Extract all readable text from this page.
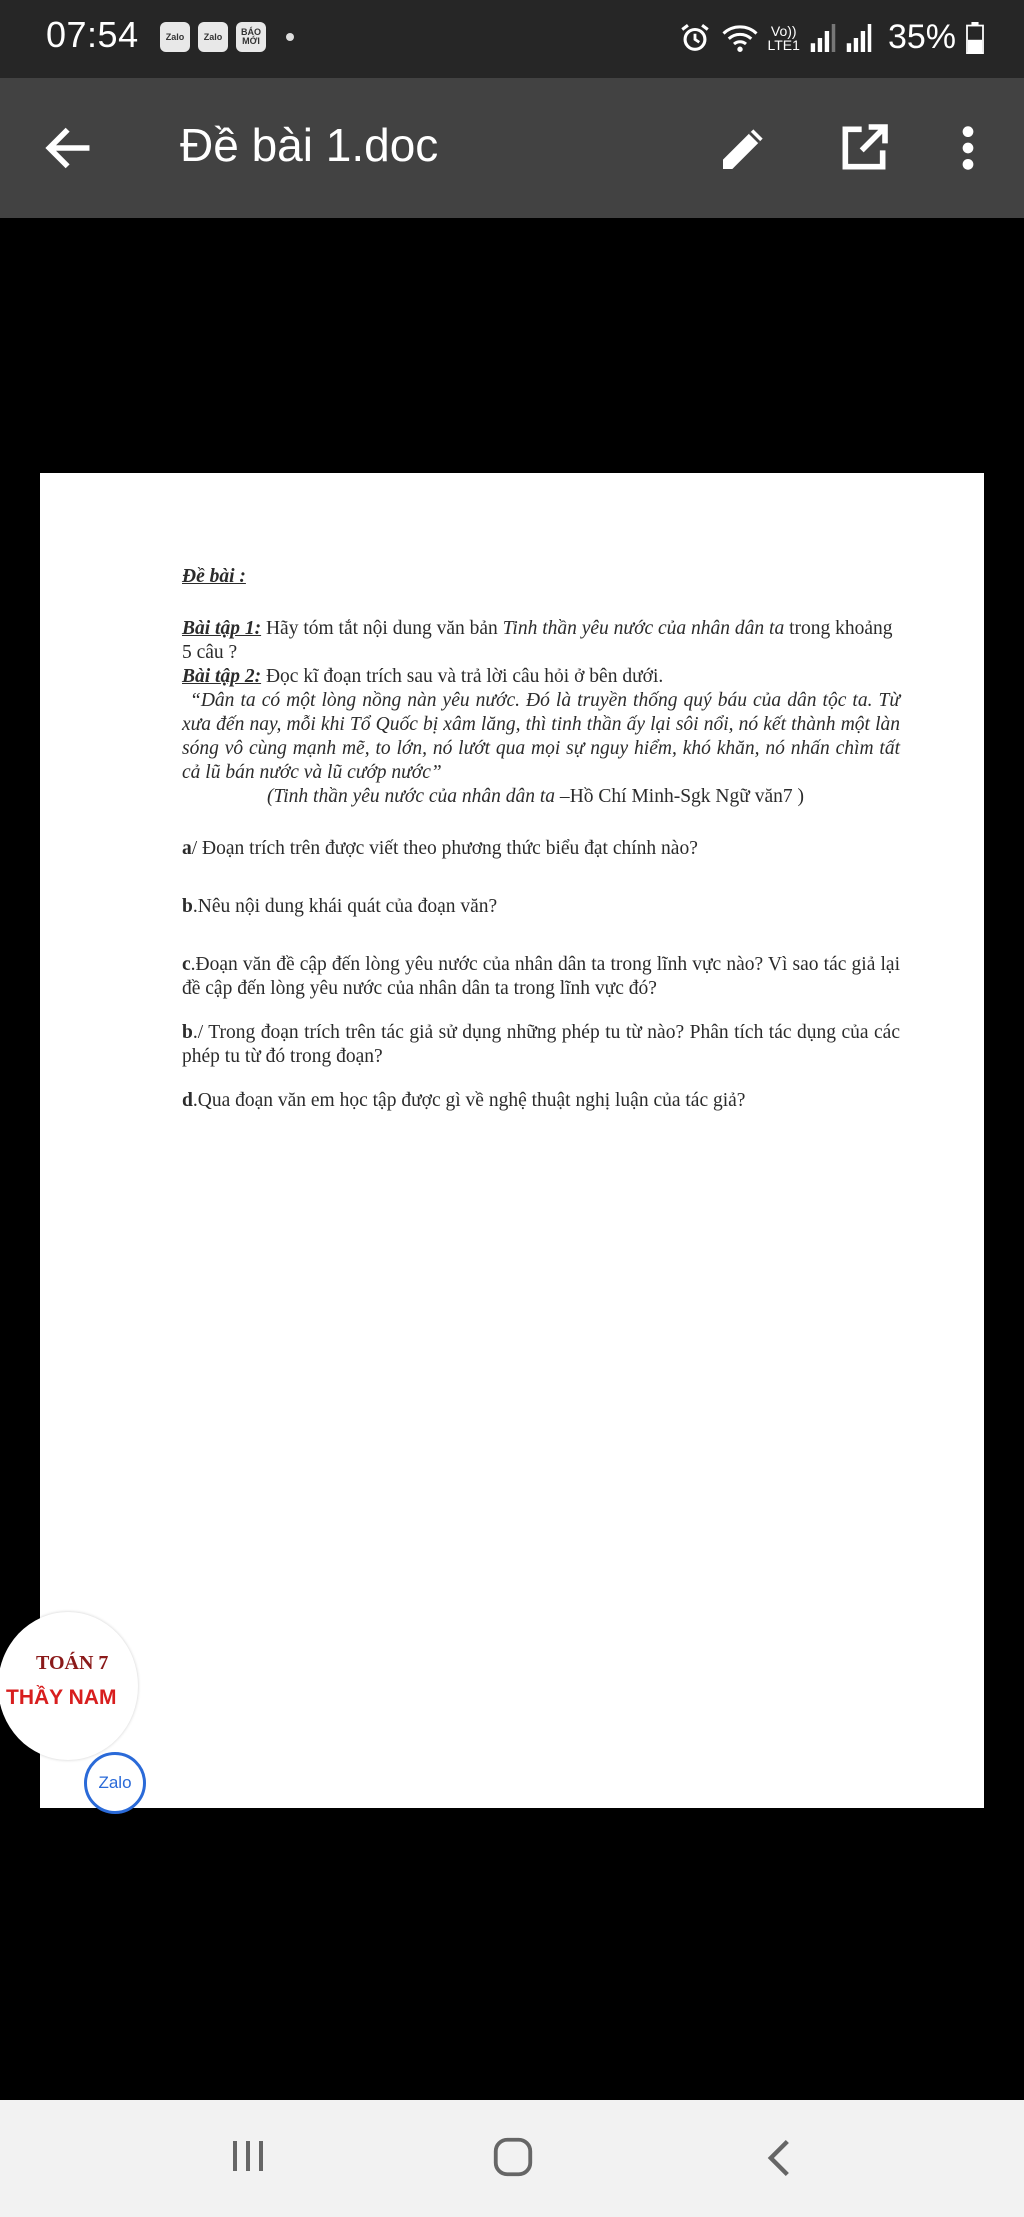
07:54	Zalo	Zalo	BÁO MỚI
Vo))
LTE1	35%
Đề bài 1.doc

Đề bài :

Bài tập 1: Hãy tóm tắt nội dung văn bản Tinh thần yêu nước của nhân dân ta trong khoảng 5 câu ?

Bài tập 2: Đọc kĩ đoạn trích sau và trả lời câu hỏi ở bên dưới.

“Dân ta có một lòng nồng nàn yêu nước. Đó là truyền thống quý báu của dân tộc ta. Từ xưa đến nay, mỗi khi Tổ Quốc bị xâm lăng, thì tinh thần ấy lại sôi nổi, nó kết thành một làn sóng vô cùng mạnh mẽ, to lớn, nó lướt qua mọi sự nguy hiểm, khó khăn, nó nhấn chìm tất cả lũ bán nước và lũ cướp nước”

(Tinh thần yêu nước của nhân dân ta –Hồ Chí Minh-Sgk Ngữ văn7 )

a/ Đoạn trích trên được viết theo phương thức biểu đạt chính nào?

b.Nêu nội dung khái quát của đoạn văn?

c.Đoạn văn đề cập đến lòng yêu nước của nhân dân ta trong lĩnh vực nào? Vì sao tác giả lại đề cập đến lòng yêu nước của nhân dân ta trong lĩnh vực đó?

b./ Trong đoạn trích trên tác giả sử dụng những phép tu từ nào? Phân tích tác dụng của các phép tu từ đó trong đoạn?

d.Qua đoạn văn em học tập được gì về nghệ thuật nghị luận của tác giả?

TOÁN 7
THẦY NAM
Zalo
